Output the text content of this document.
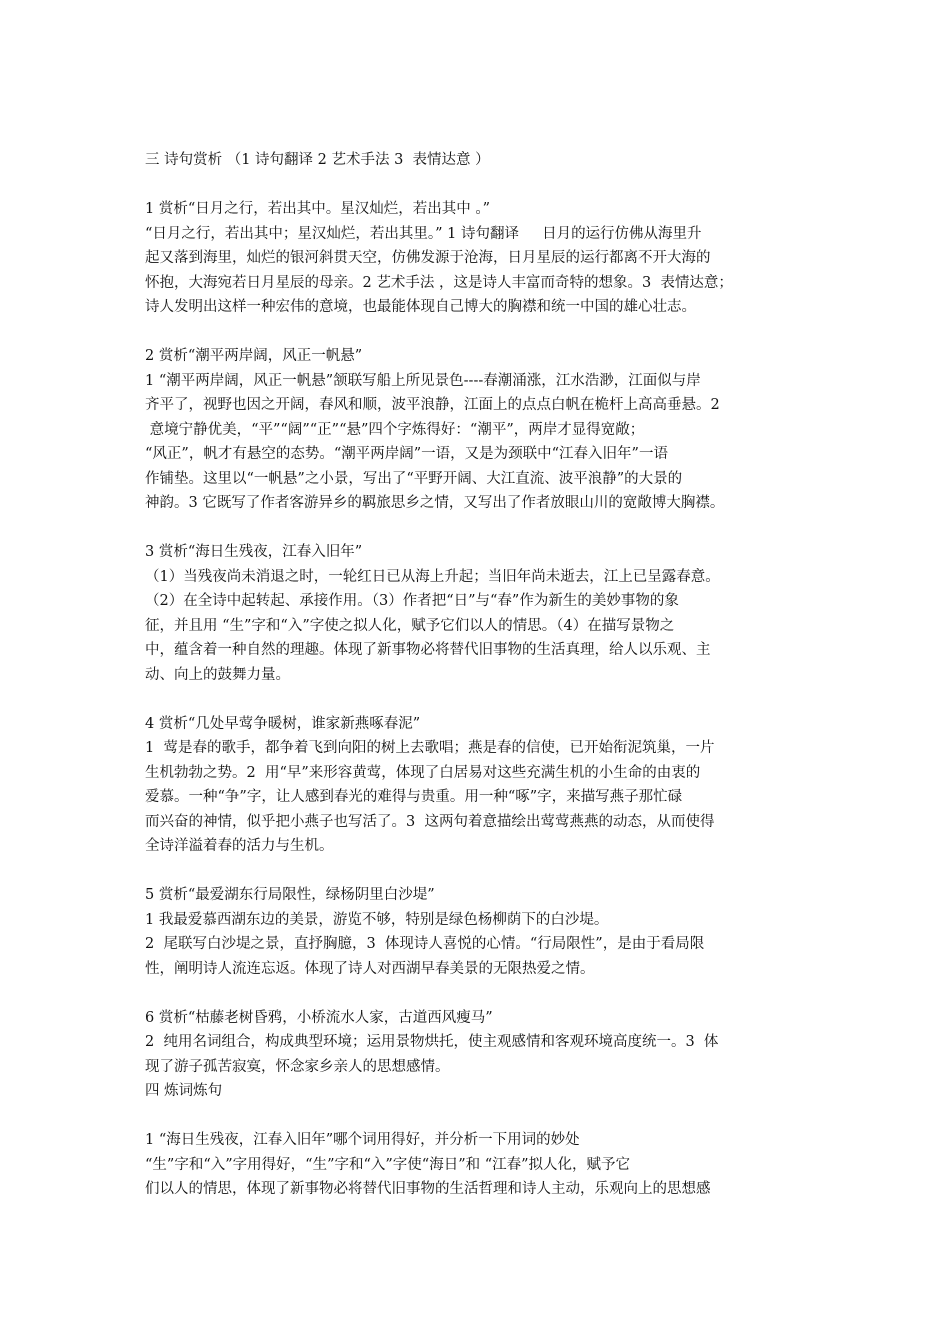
三 诗句赏析 （1 诗句翻译 2 艺术手法 3  表情达意 ）
1 赏析“日月之行，若出其中。星汉灿烂，若出其中 。”
“日月之行，若出其中；星汉灿烂，若出其里。” 1 诗句翻译     日月的运行仿佛从海里升
起又落到海里，灿烂的银河斜贯天空，仿佛发源于沧海，日月星辰的运行都离不开大海的
怀抱，大海宛若日月星辰的母亲。2 艺术手法 ，这是诗人丰富而奇特的想象。3  表情达意；
诗人发明出这样一种宏伟的意境，也最能体现自己博大的胸襟和统一中国的雄心壮志。
2 赏析“潮平两岸阔，风正一帆悬”
1 “潮平两岸阔，风正一帆悬”颔联写船上所见景色----春潮涌涨，江水浩渺，江面似与岸
齐平了，视野也因之开阔，春风和顺，波平浪静，江面上的点点白帆在桅杆上高高垂悬。2
意境宁静优美，“平”“阔”“正”“悬”四个字炼得好：“潮平”，两岸才显得宽敞；
“风正”，帆才有悬空的态势。“潮平两岸阔”一语，又是为颈联中“江春入旧年”一语
作铺垫。这里以“一帆悬”之小景，写出了“平野开阔、大江直流、波平浪静”的大景的
神韵。3 它既写了作者客游异乡的羁旅思乡之情，又写出了作者放眼山川的宽敞博大胸襟。
3 赏析“海日生残夜，江春入旧年”
（1）当残夜尚未消退之时，一轮红日已从海上升起；当旧年尚未逝去，江上已呈露春意。
（2）在全诗中起转起、承接作用。（3）作者把“日”与“春”作为新生的美妙事物的象
征，并且用 “生”字和“入”字使之拟人化，赋予它们以人的情思。（4）在描写景物之
中，蕴含着一种自然的理趣。体现了新事物必将替代旧事物的生活真理，给人以乐观、主
动、向上的鼓舞力量。
4 赏析“几处早莺争暖树，谁家新燕啄春泥”
1  莺是春的歌手，都争着飞到向阳的树上去歌唱；燕是春的信使，已开始衔泥筑巢，一片
生机勃勃之势。2  用“早”来形容黄莺，体现了白居易对这些充满生机的小生命的由衷的
爱慕。一种“争”字，让人感到春光的难得与贵重。用一种“啄”字，来描写燕子那忙碌
而兴奋的神情，似乎把小燕子也写活了。3  这两句着意描绘出莺莺燕燕的动态，从而使得
全诗洋溢着春的活力与生机。
5 赏析“最爱湖东行局限性，绿杨阴里白沙堤”
1 我最爱慕西湖东边的美景，游览不够，特别是绿色杨柳荫下的白沙堤。
2  尾联写白沙堤之景，直抒胸臆，3  体现诗人喜悦的心情。“行局限性”，是由于看局限
性，阐明诗人流连忘返。体现了诗人对西湖早春美景的无限热爱之情。
6 赏析“枯藤老树昏鸦，小桥流水人家，古道西风瘦马”
2  纯用名词组合，构成典型环境；运用景物烘托，使主观感情和客观环境高度统一。3  体
现了游子孤苦寂寞，怀念家乡亲人的思想感情。
四 炼词炼句
1 “海日生残夜，江春入旧年”哪个词用得好，并分析一下用词的妙处
“生”字和“入”字用得好，“生”字和“入”字使“海日”和 “江春”拟人化，赋予它
们以人的情思，体现了新事物必将替代旧事物的生活哲理和诗人主动，乐观向上的思想感
